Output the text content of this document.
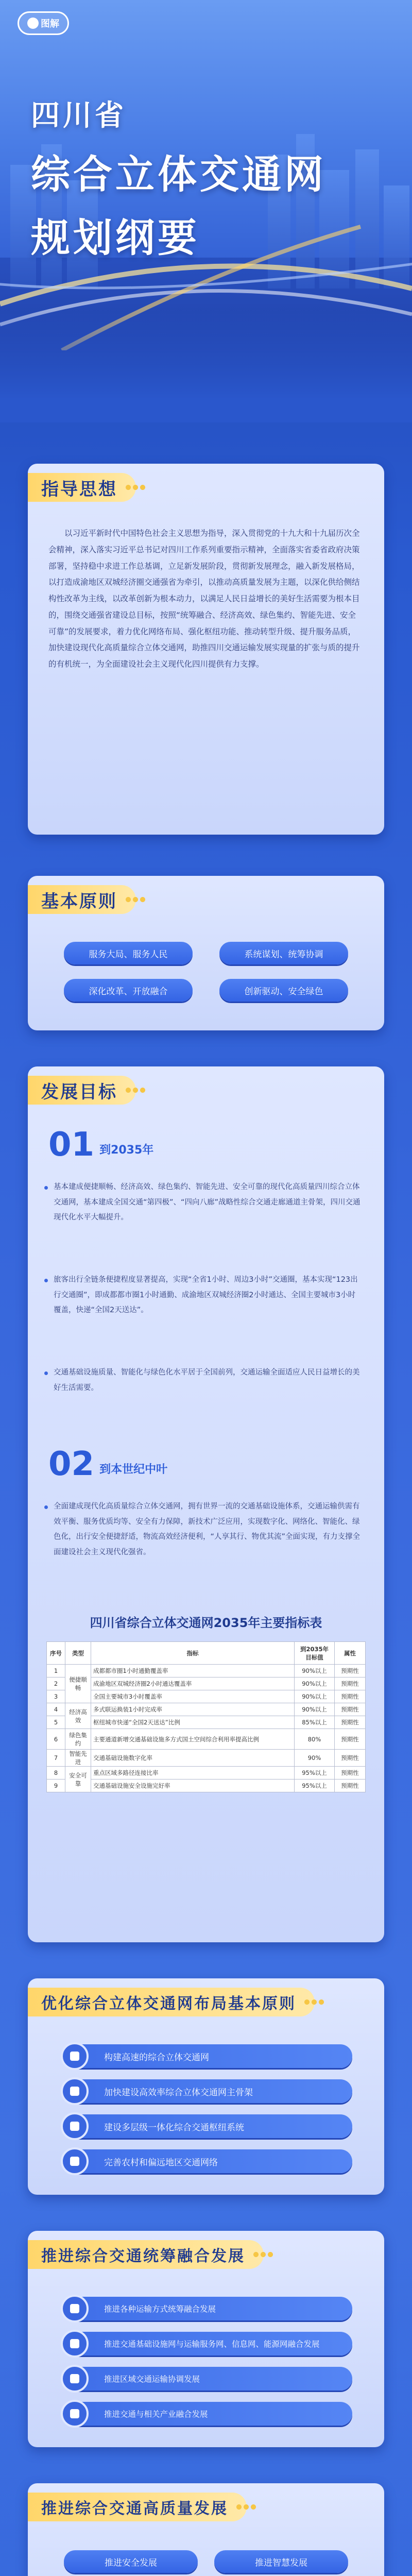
图解
四川省
综合立体交通网
规划纲要
指导思想

以习近平新时代中国特色社会主义思想为指导，深入贯彻党的十九大和十九届历次全会精神，深入落实习近平总书记对四川工作系列重要指示精神，全面落实省委省政府决策部署，坚持稳中求进工作总基调，立足新发展阶段，贯彻新发展理念，融入新发展格局，以打造成渝地区双城经济圈交通强省为牵引，以推动高质量发展为主题，以深化供给侧结构性改革为主线，以改革创新为根本动力，以满足人民日益增长的美好生活需要为根本目的，围绕交通强省建设总目标，按照“统筹融合、经济高效、绿色集约、智能先进、安全可靠”的发展要求，着力优化网络布局、强化枢纽功能、推动转型升级、提升服务品质，加快建设现代化高质量综合立体交通网，助推四川交通运输发展实现量的扩张与质的提升的有机统一，为全面建设社会主义现代化四川提供有力支撑。

基本原则
服务大局、服务人民	系统谋划、统筹协调
深化改革、开放融合	创新驱动、安全绿色
发展目标
01 到2035年

基本建成便捷顺畅、经济高效、绿色集约、智能先进、安全可靠的现代化高质量四川综合立体交通网，基本建成全国交通“第四极”、“四向八廊”战略性综合交通走廊通道主骨架，四川交通现代化水平大幅提升。

旅客出行全链条便捷程度显著提高，实现“全省1小时、周边3小时”交通圈，基本实现“123出行交通圈”，即成都都市圈1小时通勤、成渝地区双城经济圈2小时通达、全国主要城市3小时覆盖，快递“全国2天送达”。

交通基础设施质量、智能化与绿色化水平居于全国前列，交通运输全面适应人民日益增长的美好生活需要。

02 到本世纪中叶

全面建成现代化高质量综合立体交通网，拥有世界一流的交通基础设施体系，交通运输供需有效平衡、服务优质均等、安全有力保障，新技术广泛应用，实现数字化、网络化、智能化、绿色化，出行安全便捷舒适，物流高效经济便利，“人享其行、物优其流”全面实现，有力支撑全面建设社会主义现代化强省。

四川省综合立体交通网2035年主要指标表
序号	类型	指标	到2035年
目标值	属性
1	便捷顺畅	成都都市圈1小时通勤覆盖率	90%以上	预期性
2		成渝地区双城经济圈2小时通达覆盖率	90%以上	预期性
3		全国主要城市3小时覆盖率	90%以上	预期性
4	经济高效	多式联运换装1小时完成率	90%以上	预期性
5		枢纽城市快递“全国2天送达”比例	85%以上	预期性
6	绿色集约	主要通道新增交通基础设施多方式国土空间综合利用率提高比例	80%	预期性
7	智能先进	交通基础设施数字化率	90%	预期性
8	安全可靠	重点区域多路径连接比率	95%以上	预期性
9		交通基础设施安全设施完好率	95%以上	预期性
优化综合立体交通网布局基本原则
构建高速的综合立体交通网
加快建设高效率综合立体交通网主骨架
建设多层级一体化综合交通枢纽系统
完善农村和偏远地区交通网络
推进综合交通统筹融合发展
推进各种运输方式统筹融合发展
推进交通基础设施网与运输服务网、信息网、能源网融合发展
推进区域交通运输协调发展
推进交通与相关产业融合发展
推进综合交通高质量发展
推进安全发展	推进智慧发展
